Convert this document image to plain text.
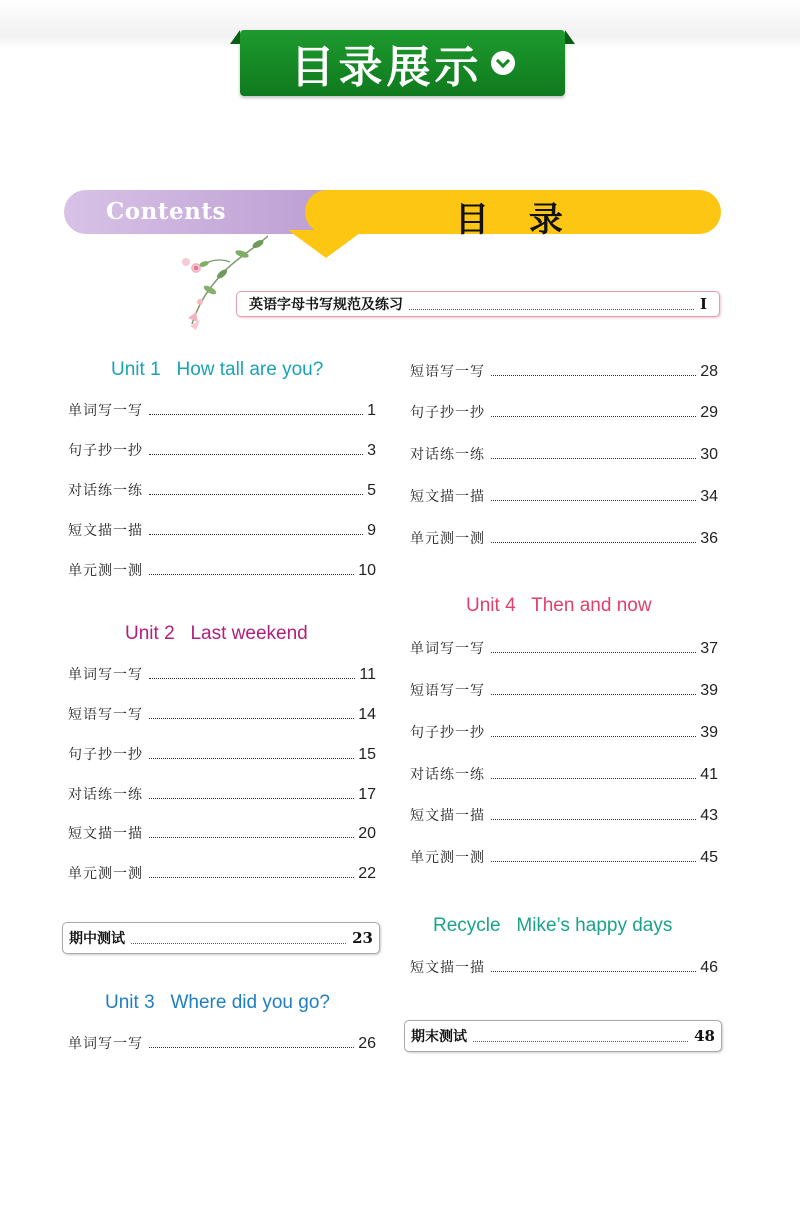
目录展示
Contents	目 录
英语字母书写规范及练习	I
Unit 1   How tall are you?
单词写一写	1
句子抄一抄	3
对话练一练	5
短文描一描	9
单元测一测	10
Unit 2   Last weekend
单词写一写	11
短语写一写	14
句子抄一抄	15
对话练一练	17
短文描一描	20
单元测一测	22
期中测试	23
Unit 3   Where did you go?
单词写一写	26
短语写一写	28
句子抄一抄	29
对话练一练	30
短文描一描	34
单元测一测	36
Unit 4   Then and now
单词写一写	37
短语写一写	39
句子抄一抄	39
对话练一练	41
短文描一描	43
单元测一测	45
Recycle   Mike’s happy days
短文描一描	46
期末测试	48
